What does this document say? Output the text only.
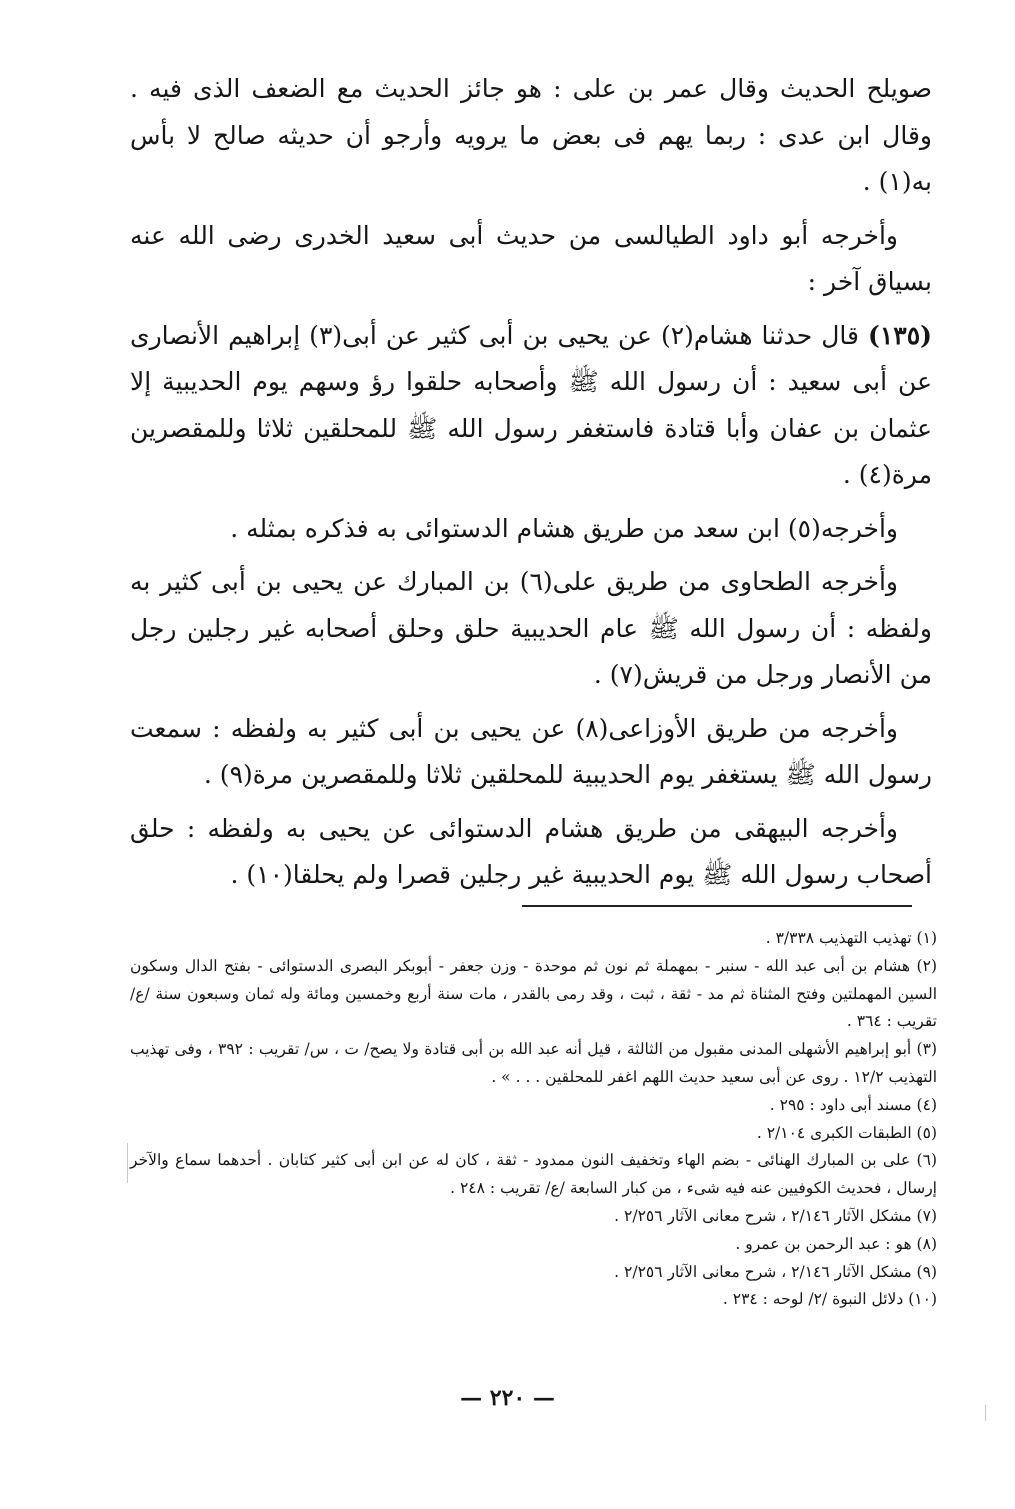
صويلح الحديث وقال عمر بن على : هو جائز الحديث مع الضعف الذى فيه . وقال ابن عدى : ربما يهم فى بعض ما يرويه وأرجو أن حديثه صالح لا بأس به(١) .

وأخرجه أبو داود الطيالسى من حديث أبى سعيد الخدرى رضى الله عنه بسياق آخر :

(١٣٥) قال حدثنا هشام(٢) عن يحيى بن أبى كثير عن أبى(٣) إبراهيم الأنصارى عن أبى سعيد : أن رسول الله ﷺ وأصحابه حلقوا رؤ وسهم يوم الحديبية إلا عثمان بن عفان وأبا قتادة فاستغفر رسول الله ﷺ للمحلقين ثلاثا وللمقصرين مرة(٤) .

وأخرجه(٥) ابن سعد من طريق هشام الدستوائى به فذكره بمثله .

وأخرجه الطحاوى من طريق على(٦) بن المبارك عن يحيى بن أبى كثير به ولفظه : أن رسول الله ﷺ عام الحديبية حلق وحلق أصحابه غير رجلين رجل من الأنصار ورجل من قريش(٧) .

وأخرجه من طريق الأوزاعى(٨) عن يحيى بن أبى كثير به ولفظه : سمعت رسول الله ﷺ يستغفر يوم الحديبية للمحلقين ثلاثا وللمقصرين مرة(٩) .

وأخرجه البيهقى من طريق هشام الدستوائى عن يحيى به ولفظه : حلق أصحاب رسول الله ﷺ يوم الحديبية غير رجلين قصرا ولم يحلقا(١٠) .

(١) تهذيب التهذيب ٣/٣٣٨ .

(٢) هشام بن أبى عبد الله - سنبر - بمهملة ثم نون ثم موحدة - وزن جعفر - أبوبكر البصرى الدستوائى - بفتح الدال وسكون السين المهملتين وفتح المثناة ثم مد - ثقة ، ثبت ، وقد رمى بالقدر ، مات سنة أربع وخمسين ومائة وله ثمان وسبعون سنة /ع/ تقريب : ٣٦٤ .

(٣) أبو إبراهيم الأشهلى المدنى مقبول من الثالثة ، قيل أنه عبد الله بن أبى قتادة ولا يصح/ ت ، س/ تقريب : ٣٩٢ ، وفى تهذيب التهذيب ١٢/٢ . روى عن أبى سعيد حديث اللهم اغفر للمحلقين . . . » .

(٤) مسند أبى داود : ٢٩٥ .

(٥) الطبقات الكبرى ٢/١٠٤ .

(٦) على بن المبارك الهنائى - بضم الهاء وتخفيف النون ممدود - ثقة ، كان له عن ابن أبى كثير كتابان . أحدهما سماع والآخر إرسال ، فحديث الكوفيين عنه فيه شىء ، من كبار السابعة /ع/ تقريب : ٢٤٨ .

(٧) مشكل الآثار ٢/١٤٦ ، شرح معانى الآثار ٢/٢٥٦ .

(٨) هو : عبد الرحمن بن عمرو .

(٩) مشكل الآثار ٢/١٤٦ ، شرح معانى الآثار ٢/٢٥٦ .

(١٠) دلائل النبوة /٢/ لوحه : ٢٣٤ .

— ٢٢٠ —
